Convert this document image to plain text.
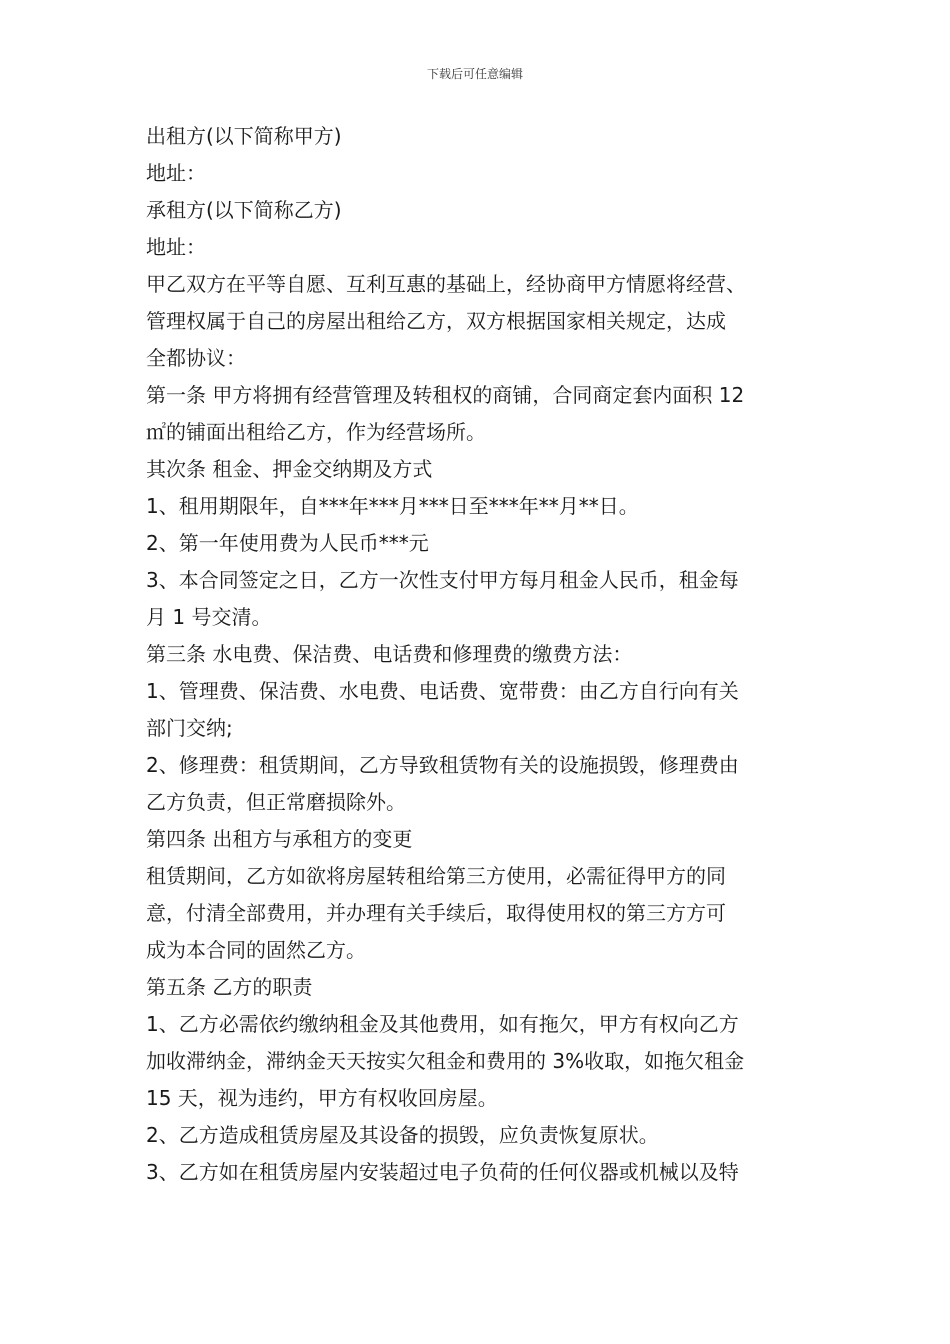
下载后可任意编辑
出租方(以下简称甲方)
地址：
承租方(以下简称乙方)
地址：
甲乙双方在平等自愿、互利互惠的基础上，经协商甲方情愿将经营、
管理权属于自己的房屋出租给乙方，双方根据国家相关规定，达成
全都协议：
第一条 甲方将拥有经营管理及转租权的商铺，合同商定套内面积 12
㎡的铺面出租给乙方，作为经营场所。
其次条 租金、押金交纳期及方式
1、租用期限年，自***年***月***日至***年**月**日。
2、第一年使用费为人民币***元
3、本合同签定之日，乙方一次性支付甲方每月租金人民币，租金每
月 1 号交清。
第三条 水电费、保洁费、电话费和修理费的缴费方法：
1、管理费、保洁费、水电费、电话费、宽带费：由乙方自行向有关
部门交纳;
2、修理费：租赁期间，乙方导致租赁物有关的设施损毁，修理费由
乙方负责，但正常磨损除外。
第四条 出租方与承租方的变更
租赁期间，乙方如欲将房屋转租给第三方使用，必需征得甲方的同
意，付清全部费用，并办理有关手续后，取得使用权的第三方方可
成为本合同的固然乙方。
第五条 乙方的职责
1、乙方必需依约缴纳租金及其他费用，如有拖欠，甲方有权向乙方
加收滞纳金，滞纳金天天按实欠租金和费用的 3%收取，如拖欠租金
15 天，视为违约，甲方有权收回房屋。
2、乙方造成租赁房屋及其设备的损毁，应负责恢复原状。
3、乙方如在租赁房屋内安装超过电子负荷的任何仪器或机械以及特
